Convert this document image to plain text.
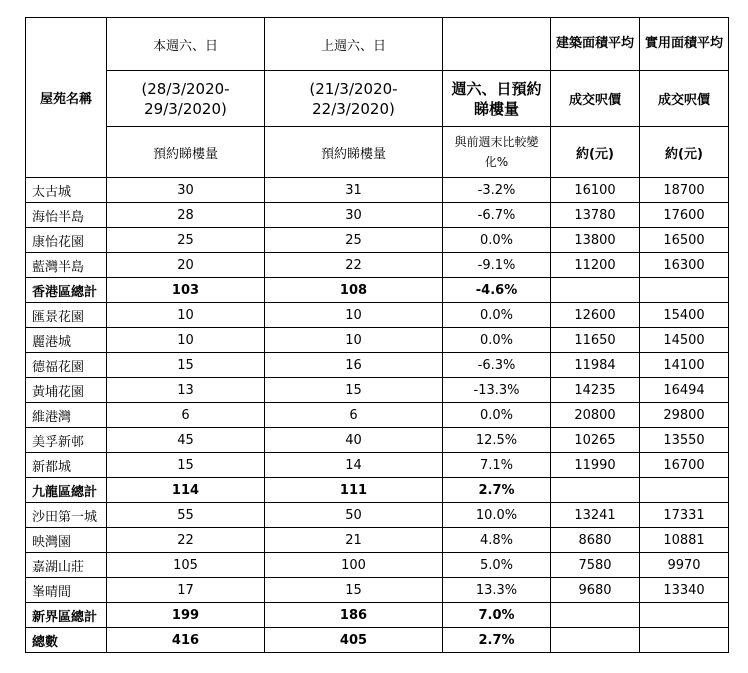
屋苑名稱	本週六、日	上週六、日		建築面積平均	實用面積平均
	(28/3/2020-29/3/2020)	(21/3/2020-22/3/2020)	週六、日預約睇樓量	成交呎價	成交呎價
	預約睇樓量	預約睇樓量	與前週末比較變化%	約(元)	約(元)
太古城	30	31	-3.2%	16100	18700
海怡半島	28	30	-6.7%	13780	17600
康怡花園	25	25	0.0%	13800	16500
藍灣半島	20	22	-9.1%	11200	16300
香港區總計	103	108	-4.6%		
匯景花園	10	10	0.0%	12600	15400
麗港城	10	10	0.0%	11650	14500
德福花園	15	16	-6.3%	11984	14100
黃埔花園	13	15	-13.3%	14235	16494
維港灣	6	6	0.0%	20800	29800
美孚新邨	45	40	12.5%	10265	13550
新都城	15	14	7.1%	11990	16700
九龍區總計	114	111	2.7%		
沙田第一城	55	50	10.0%	13241	17331
映灣園	22	21	4.8%	8680	10881
嘉湖山莊	105	100	5.0%	7580	9970
峯晴間	17	15	13.3%	9680	13340
新界區總計	199	186	7.0%		
總數	416	405	2.7%		
